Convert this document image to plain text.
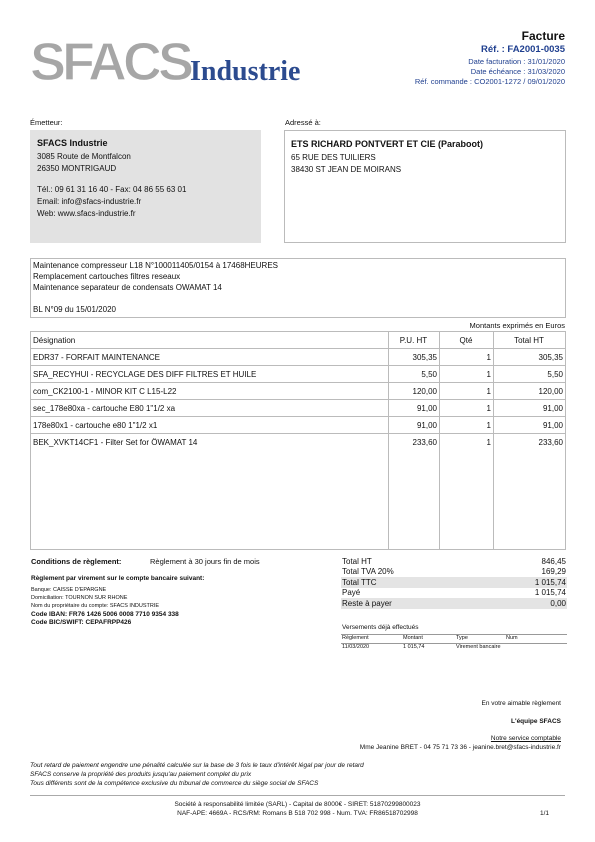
SFACS Industrie
Facture
Réf. : FA2001-0035
Date facturation : 31/01/2020
Date échéance : 31/03/2020
Réf. commande : CO2001-1272 / 09/01/2020
Émetteur:
SFACS Industrie
3085 Route de Montfalcon
26350 MONTRIGAUD
Tél.: 09 61 31 16 40 - Fax: 04 86 55 63 01
Email: info@sfacs-industrie.fr
Web: www.sfacs-industrie.fr
Adressé à:
ETS RICHARD PONTVERT ET CIE (Paraboot)
65 RUE DES TUILIERS
38430 ST JEAN DE MOIRANS
Maintenance compresseur L18 N°100011405/0154 à 17468HEURES
Remplacement cartouches filtres reseaux
Maintenance separateur de condensats OWAMAT 14
BL N°09 du 15/01/2020
Montants exprimés en Euros
Désignation	P.U. HT	Qté	Total HT
EDR37 - FORFAIT MAINTENANCE	305,35	1	305,35
SFA_RECYHUI - RECYCLAGE DES DIFF FILTRES ET HUILE	5,50	1	5,50
com_CK2100-1 - MINOR KIT C L15-L22	120,00	1	120,00
sec_178e80xa - cartouche E80 1"1/2 xa	91,00	1	91,00
178e80x1 - cartouche e80 1"1/2 x1	91,00	1	91,00
BEK_XVKT14CF1 - Filter Set for ÖWAMAT 14	233,60	1	233,60
Conditions de règlement:	Règlement à 30 jours fin de mois
Règlement par virement sur le compte bancaire suivant:
Banque: CAISSE D'EPARGNE
Domiciliation: TOURNON SUR RHONE
Nom du propriétaire du compte: SFACS INDUSTRIE
Code IBAN: FR76 1426 5006 0008 7710 9354 338
Code BIC/SWIFT: CEPAFRPP426
Total HT	846,45
Total TVA 20%	169,29
Total TTC	1 015,74
Payé	1 015,74
Reste à payer	0,00
Versements déjà effectués
Règlement	Montant	Type	Num
11/03/2020	1 015,74	Virement bancaire
En votre aimable règlement
L'équipe SFACS
Notre service comptable
Mme Jeanine BRET - 04 75 71 73 36 - jeanine.bret@sfacs-industrie.fr
Tout retard de paiement engendre une pénalité calculée sur la base de 3 fois le taux d'intérêt légal par jour de retard
SFACS conserve la propriété des produits jusqu'au paiement complet du prix
Tous différents sont de la compétence exclusive du tribunal de commerce du siège social de SFACS
Société à responsabilité limitée (SARL) - Capital de 8000€ - SIRET: 51870299800023
NAF-APE: 4669A - RCS/RM: Romans B 518 702 998 - Num. TVA: FR86518702998	1/1
